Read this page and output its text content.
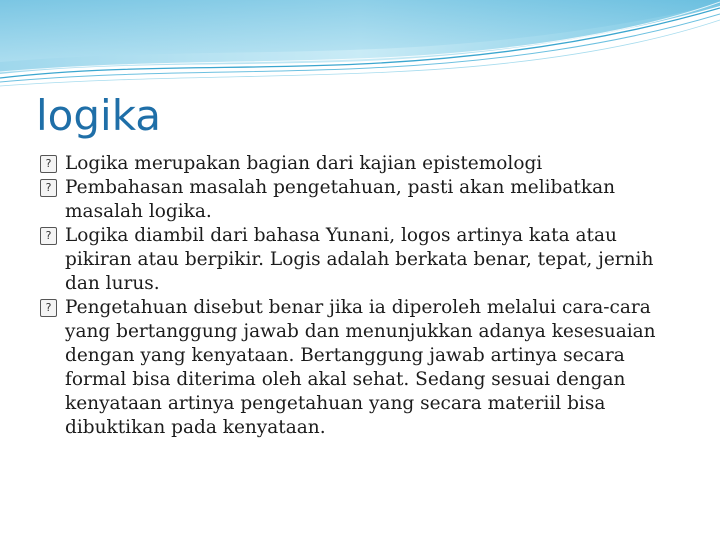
logika
? Logika merupakan bagian dari kajian epistemologi
? Pembahasan masalah pengetahuan, pasti akan melibatkan masalah logika.
? Logika diambil dari bahasa Yunani, logos artinya kata atau pikiran atau berpikir. Logis adalah berkata benar, tepat, jernih dan lurus.
? Pengetahuan disebut benar jika ia diperoleh melalui cara-cara yang bertanggung jawab dan menunjukkan adanya kesesuaian dengan yang kenyataan. Bertanggung jawab artinya secara formal bisa diterima oleh akal sehat. Sedang sesuai dengan kenyataan artinya pengetahuan yang secara materiil bisa dibuktikan pada kenyataan.
